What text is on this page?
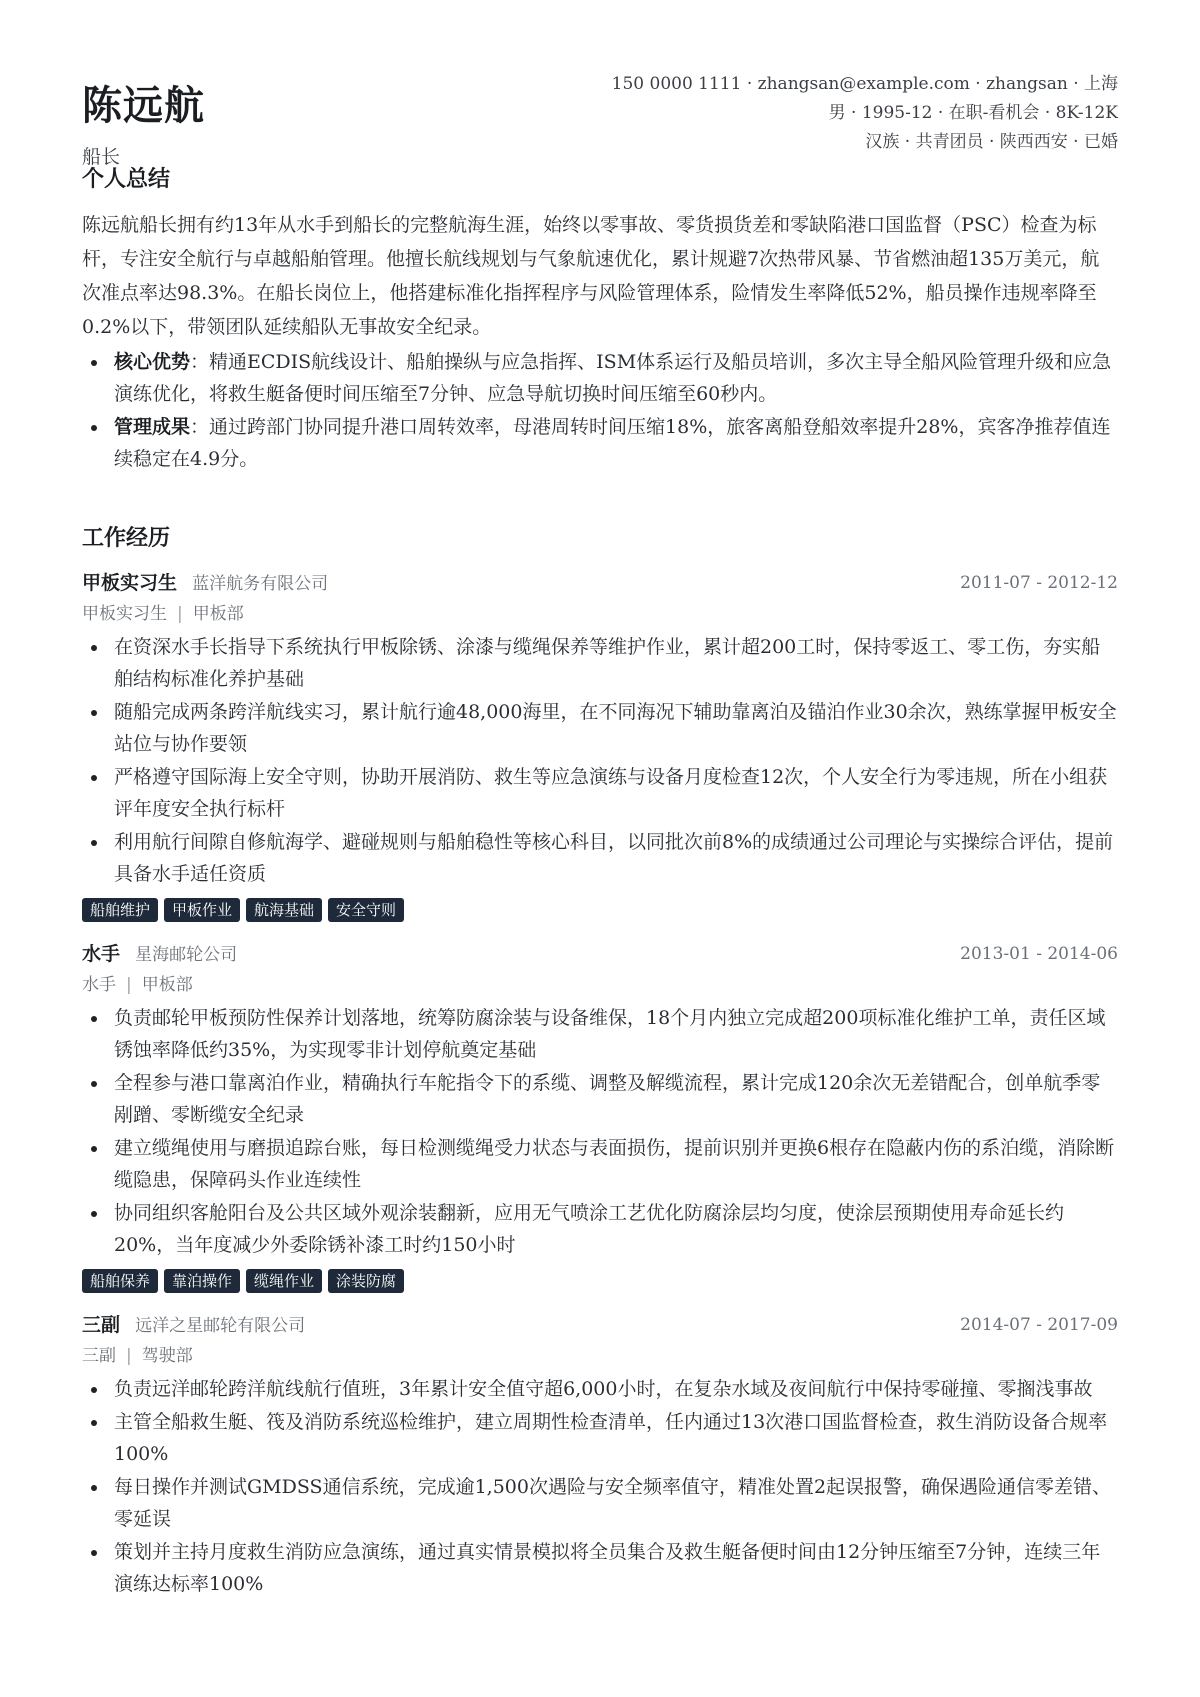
陈远航
船长
150 0000 1111 · zhangsan@example.com · zhangsan · 上海
男 · 1995-12 · 在职-看机会 · 8K-12K
汉族 · 共青团员 · 陕西西安 · 已婚
个人总结

陈远航船长拥有约13年从水手到船长的完整航海生涯，始终以零事故、零货损货差和零缺陷港口国监督（PSC）检查为标杆，专注安全航行与卓越船舶管理。他擅长航线规划与气象航速优化，累计规避7次热带风暴、节省燃油超135万美元，航次准点率达98.3%。在船长岗位上，他搭建标准化指挥程序与风险管理体系，险情发生率降低52%，船员操作违规率降至0.2%以下，带领团队延续船队无事故安全纪录。

核心优势：精通ECDIS航线设计、船舶操纵与应急指挥、ISM体系运行及船员培训，多次主导全船风险管理升级和应急演练优化，将救生艇备便时间压缩至7分钟、应急导航切换时间压缩至60秒内。
管理成果：通过跨部门协同提升港口周转效率，母港周转时间压缩18%，旅客离船登船效率提升28%，宾客净推荐值连续稳定在4.9分。
工作经历
甲板实习生 蓝洋航务有限公司	2011-07 - 2012-12
甲板实习生 | 甲板部
在资深水手长指导下系统执行甲板除锈、涂漆与缆绳保养等维护作业，累计超200工时，保持零返工、零工伤，夯实船舶结构标准化养护基础
随船完成两条跨洋航线实习，累计航行逾48,000海里，在不同海况下辅助靠离泊及锚泊作业30余次，熟练掌握甲板安全站位与协作要领
严格遵守国际海上安全守则，协助开展消防、救生等应急演练与设备月度检查12次，个人安全行为零违规，所在小组获评年度安全执行标杆
利用航行间隙自修航海学、避碰规则与船舶稳性等核心科目，以同批次前8%的成绩通过公司理论与实操综合评估，提前具备水手适任资质
船舶维护 甲板作业 航海基础 安全守则
水手 星海邮轮公司	2013-01 - 2014-06
水手 | 甲板部
负责邮轮甲板预防性保养计划落地，统筹防腐涂装与设备维保，18个月内独立完成超200项标准化维护工单，责任区域锈蚀率降低约35%，为实现零非计划停航奠定基础
全程参与港口靠离泊作业，精确执行车舵指令下的系缆、调整及解缆流程，累计完成120余次无差错配合，创单航季零剐蹭、零断缆安全纪录
建立缆绳使用与磨损追踪台账，每日检测缆绳受力状态与表面损伤，提前识别并更换6根存在隐蔽内伤的系泊缆，消除断缆隐患，保障码头作业连续性
协同组织客舱阳台及公共区域外观涂装翻新，应用无气喷涂工艺优化防腐涂层均匀度，使涂层预期使用寿命延长约20%，当年度减少外委除锈补漆工时约150小时
船舶保养 靠泊操作 缆绳作业 涂装防腐
三副 远洋之星邮轮有限公司	2014-07 - 2017-09
三副 | 驾驶部
负责远洋邮轮跨洋航线航行值班，3年累计安全值守超6,000小时，在复杂水域及夜间航行中保持零碰撞、零搁浅事故
主管全船救生艇、筏及消防系统巡检维护，建立周期性检查清单，任内通过13次港口国监督检查，救生消防设备合规率100%
每日操作并测试GMDSS通信系统，完成逾1,500次遇险与安全频率值守，精准处置2起误报警，确保遇险通信零差错、零延误
策划并主持月度救生消防应急演练，通过真实情景模拟将全员集合及救生艇备便时间由12分钟压缩至7分钟，连续三年演练达标率100%
